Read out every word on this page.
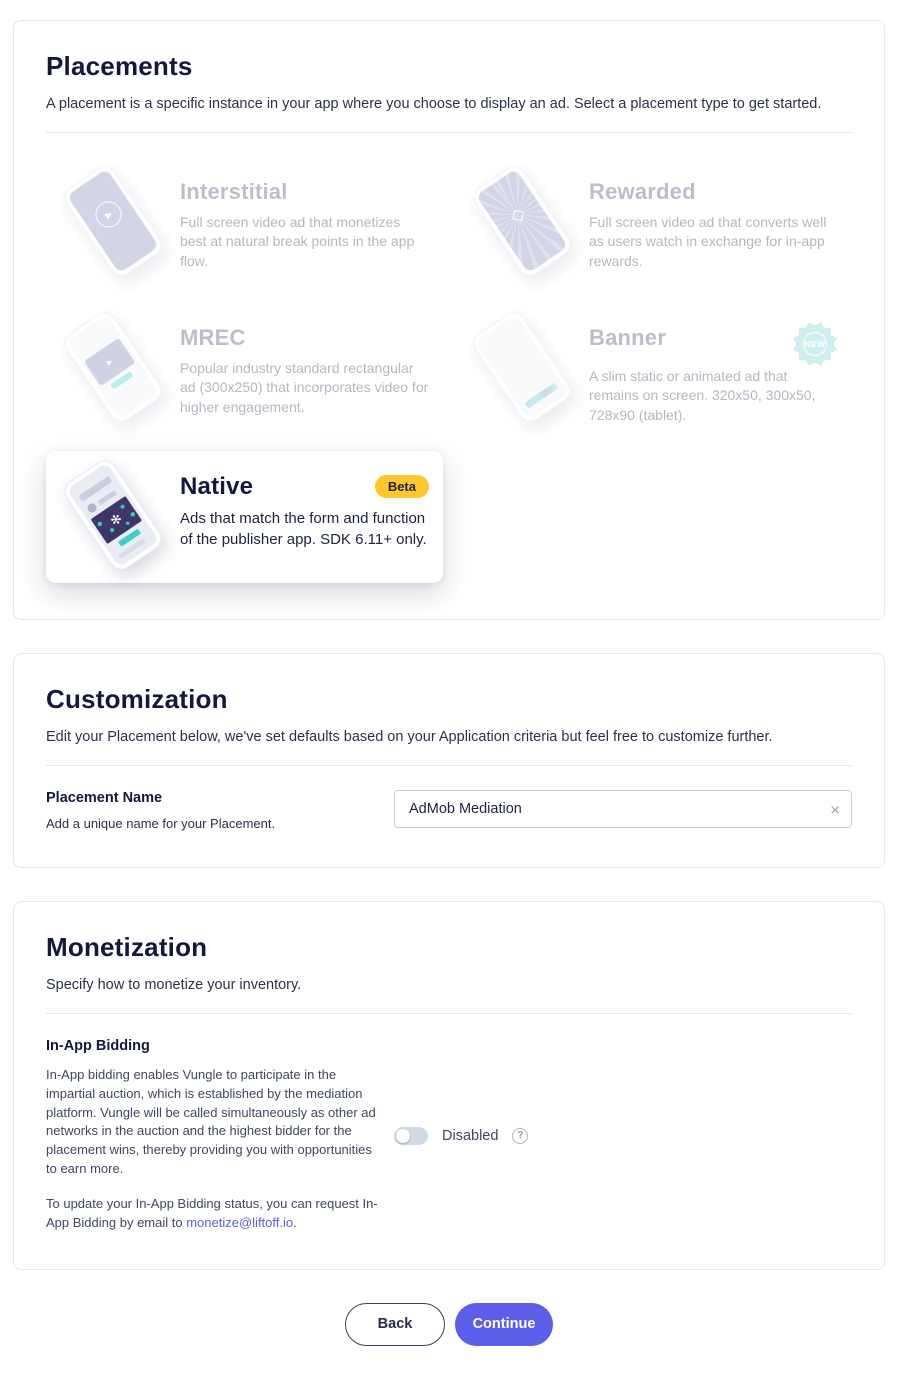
Placements

A placement is a specific instance in your app where you choose to display an ad. Select a placement type to get started.

▶
Interstitial

Full screen video ad that monetizes best at natural break points in the app flow.

◇
Rewarded

Full screen video ad that converts well as users watch in exchange for in-app rewards.

▶
MREC

Popular industry standard rectangular ad (300x250) that incorporates video for higher engagement.

Banner	NEW

A slim static or animated ad that remains on screen. 320x50, 300x50, 728x90 (tablet).

✻
Native	Beta

Ads that match the form and function of the publisher app. SDK 6.11+ only.

Customization

Edit your Placement below, we've set defaults based on your Application criteria but feel free to customize further.

Placement Name
Add a unique name for your Placement.
AdMob Mediation
×
Monetization

Specify how to monetize your inventory.

In-App Bidding

In-App bidding enables Vungle to participate in the impartial auction, which is established by the mediation platform. Vungle will be called simultaneously as other ad networks in the auction and the highest bidder for the placement wins, thereby providing you with opportunities to earn more.

To update your In-App Bidding status, you can request In-App Bidding by email to monetize@liftoff.io.

Disabled	?
Back	Continue
